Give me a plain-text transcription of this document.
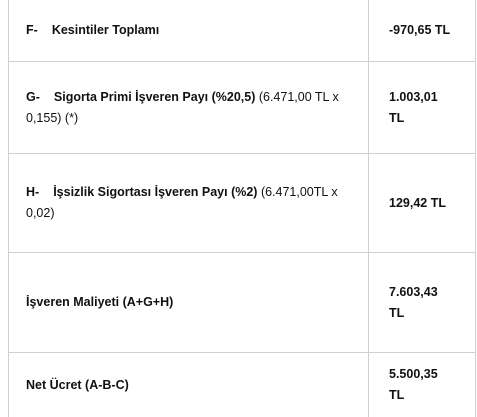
F- Kesintiler Toplamı	-970,65 TL
G- Sigorta Primi İşveren Payı (%20,5) (6.471,00 TL x 0,155) (*)
1.003,01 TL
H- İşsizlik Sigortası İşveren Payı (%2) (6.471,00TL x 0,02)
129,42 TL
İşveren Maliyeti (A+G+H)
7.603,43 TL
Net Ücret (A-B-C)
5.500,35 TL
